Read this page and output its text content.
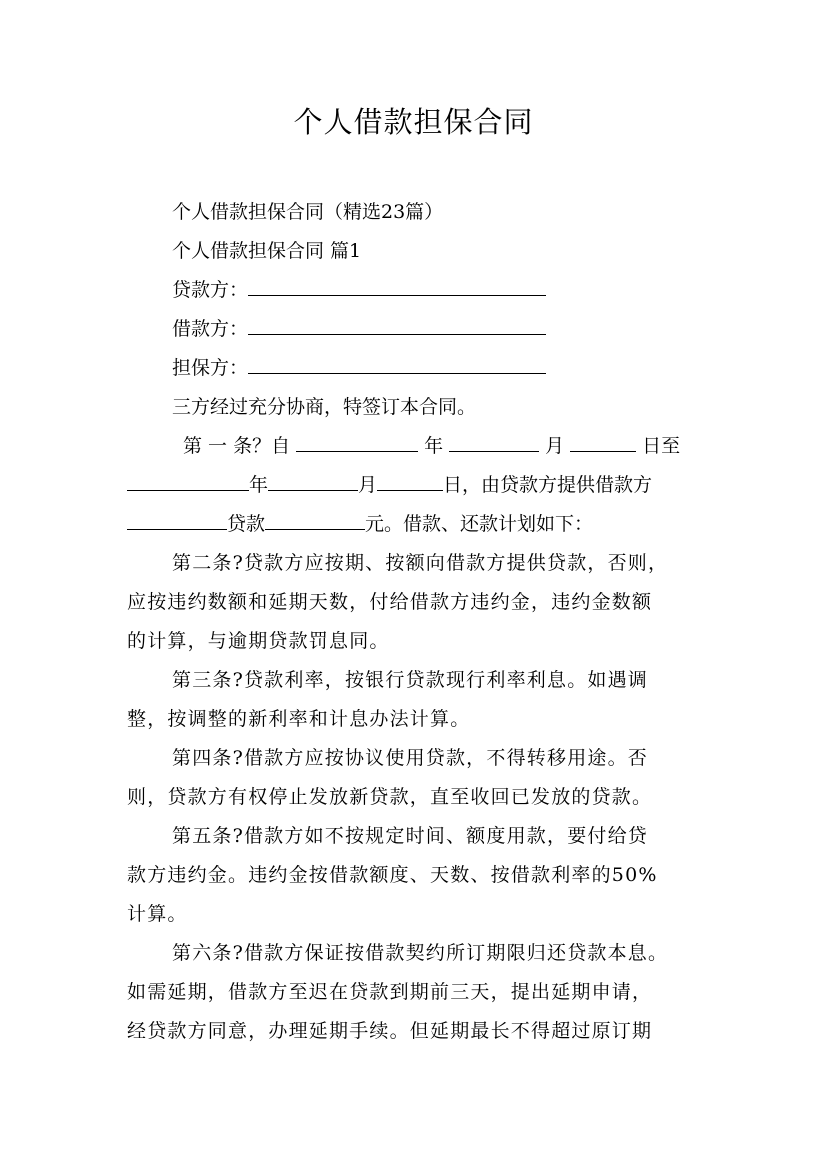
个人借款担保合同
个人借款担保合同（精选23篇）
个人借款担保合同 篇1
贷款方：
借款方：
担保方：
三方经过充分协商，特签订本合同。
第 一 条？自	年	月	日至
年	月	日，由贷款方提供借款方
贷款	元。借款、还款计划如下：
第二条?贷款方应按期、按额向借款方提供贷款，否则，
应按违约数额和延期天数，付给借款方违约金，违约金数额
的计算，与逾期贷款罚息同。
第三条?贷款利率，按银行贷款现行利率利息。如遇调
整，按调整的新利率和计息办法计算。
第四条?借款方应按协议使用贷款，不得转移用途。否
则，贷款方有权停止发放新贷款，直至收回已发放的贷款。
第五条?借款方如不按规定时间、额度用款，要付给贷
款方违约金。违约金按借款额度、天数、按借款利率的50%
计算。
第六条?借款方保证按借款契约所订期限归还贷款本息。
如需延期，借款方至迟在贷款到期前三天，提出延期申请，
经贷款方同意，办理延期手续。但延期最长不得超过原订期
